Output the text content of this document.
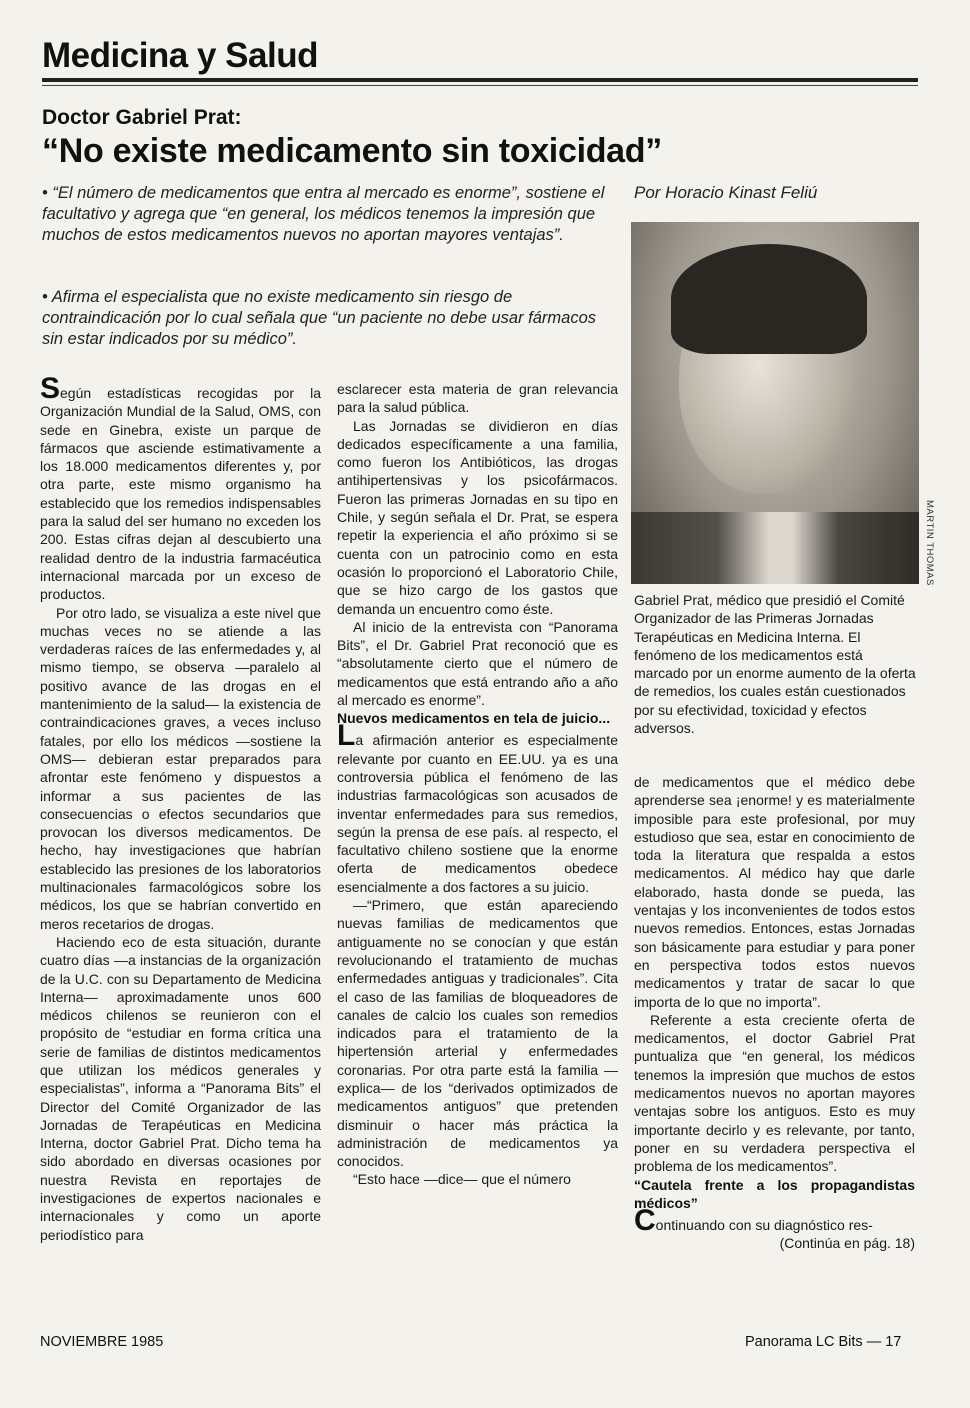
Medicina y Salud
Doctor Gabriel Prat:
“No existe medicamento sin toxicidad”

• “El número de medicamentos que entra al mercado es enorme”, sostiene el facultativo y agrega que “en general, los médicos tenemos la impresión que muchos de estos medicamentos nuevos no aportan mayores ventajas”.

• Afirma el especialista que no existe medicamento sin riesgo de contraindicación por lo cual señala que “un paciente no debe usar fármacos sin estar indicados por su médico”.

Por Horacio Kinast Feliú

MARTIN THOMAS

Gabriel Prat, médico que presidió el Comité Organizador de las Primeras Jornadas Terapéuticas en Medicina Interna. El fenómeno de los medicamentos está marcado por un enorme aumento de la oferta de remedios, los cuales están cuestionados por su efectividad, toxicidad y efectos adversos.

Según estadísticas recogidas por la Organización Mundial de la Salud, OMS, con sede en Ginebra, existe un parque de fármacos que asciende estimativamente a los 18.000 medicamentos diferentes y, por otra parte, este mismo organismo ha establecido que los remedios indispensables para la salud del ser humano no exceden los 200. Estas cifras dejan al descubierto una realidad dentro de la industria farmacéutica internacional marcada por un exceso de productos.

Por otro lado, se visualiza a este nivel que muchas veces no se atiende a las verdaderas raíces de las enfermedades y, al mismo tiempo, se observa —paralelo al positivo avance de las drogas en el mantenimiento de la salud— la existencia de contraindicaciones graves, a veces incluso fatales, por ello los médicos —sostiene la OMS— debieran estar preparados para afrontar este fenómeno y dispuestos a informar a sus pacientes de las consecuencias o efectos secundarios que provocan los diversos medicamentos. De hecho, hay investigaciones que habrían establecido las presiones de los laboratorios multinacionales farmacológicos sobre los médicos, los que se habrían convertido en meros recetarios de drogas.

Haciendo eco de esta situación, durante cuatro días —a instancias de la organización de la U.C. con su Departamento de Medicina Interna— aproximadamente unos 600 médicos chilenos se reunieron con el propósito de “estudiar en forma crítica una serie de familias de distintos medicamentos que utilizan los médicos generales y especialistas”, informa a “Panorama Bits” el Director del Comité Organizador de las Jornadas de Terapéuticas en Medicina Interna, doctor Gabriel Prat. Dicho tema ha sido abordado en diversas ocasiones por nuestra Revista en reportajes de investigaciones de expertos nacionales e internacionales y como un aporte periodístico para

esclarecer esta materia de gran relevancia para la salud pública.

Las Jornadas se dividieron en días dedicados específicamente a una familia, como fueron los Antibióticos, las drogas antihipertensivas y los psicofármacos. Fueron las primeras Jornadas en su tipo en Chile, y según señala el Dr. Prat, se espera repetir la experiencia el año próximo si se cuenta con un patrocinio como en esta ocasión lo proporcionó el Laboratorio Chile, que se hizo cargo de los gastos que demanda un encuentro como éste.

Al inicio de la entrevista con “Panorama Bits”, el Dr. Gabriel Prat reconoció que es “absolutamente cierto que el número de medicamentos que está entrando año a año al mercado es enorme”.

Nuevos medicamentos en tela de juicio...

La afirmación anterior es especialmente relevante por cuanto en EE.UU. ya es una controversia pública el fenómeno de las industrias farmacológicas son acusados de inventar enfermedades para sus remedios, según la prensa de ese país. al respecto, el facultativo chileno sostiene que la enorme oferta de medicamentos obedece esencialmente a dos factores a su juicio.

—“Primero, que están apareciendo nuevas familias de medicamentos que antiguamente no se conocían y que están revolucionando el tratamiento de muchas enfermedades antiguas y tradicionales”. Cita el caso de las familias de bloqueadores de canales de calcio los cuales son remedios indicados para el tratamiento de la hipertensión arterial y enfermedades coronarias. Por otra parte está la familia —explica— de los “derivados optimizados de medicamentos antiguos” que pretenden disminuir o hacer más práctica la administración de medicamentos ya conocidos.

“Esto hace —dice— que el número

de medicamentos que el médico debe aprenderse sea ¡enorme! y es materialmente imposible para este profesional, por muy estudioso que sea, estar en conocimiento de toda la literatura que respalda a estos medicamentos. Al médico hay que darle elaborado, hasta donde se pueda, las ventajas y los inconvenientes de todos estos nuevos remedios. Entonces, estas Jornadas son básicamente para estudiar y para poner en perspectiva todos estos nuevos medicamentos y tratar de sacar lo que importa de lo que no importa”.

Referente a esta creciente oferta de medicamentos, el doctor Gabriel Prat puntualiza que “en general, los médicos tenemos la impresión que muchos de estos medicamentos nuevos no aportan mayores ventajas sobre los antiguos. Esto es muy importante decirlo y es relevante, por tanto, poner en su verdadera perspectiva el problema de los medicamentos”.

“Cautela frente a los propagandistas médicos”

Continuando con su diagnóstico res-

(Continúa en pág. 18)

NOVIEMBRE 1985	Panorama LC Bits — 17
